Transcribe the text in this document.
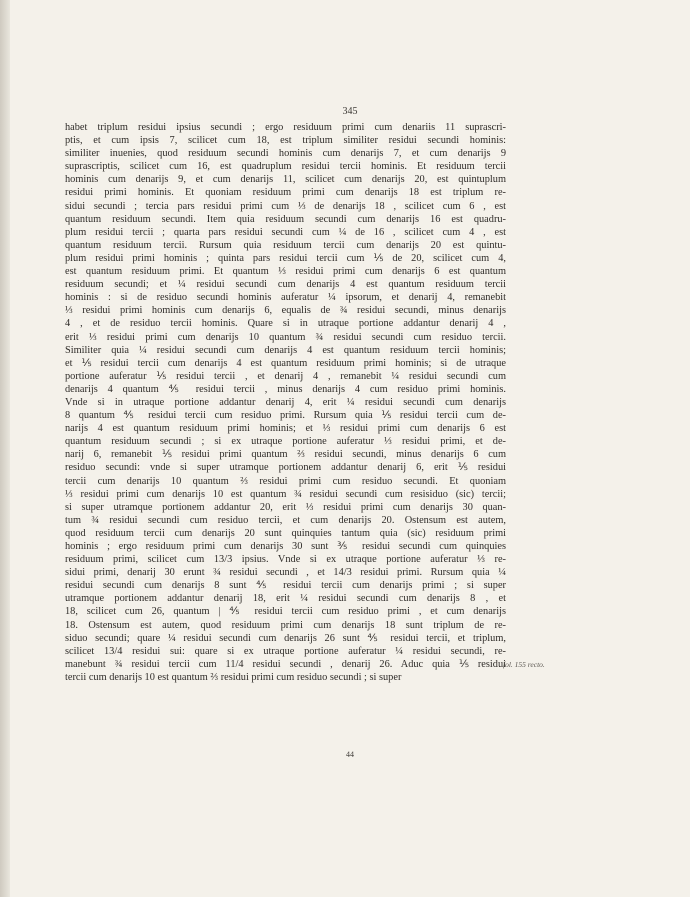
345
habet triplum residui ipsius secundi ; ergo residuum primi cum denariis 11 suprascri-
ptis, et cum ipsis 7, scilicet cum 18, est triplum similiter residui secundi hominis:
similiter inuenies, quod residuum secundi hominis cum denarijs 7, et cum denarijs 9
suprascriptis, scilicet cum 16, est quadruplum residui tercii hominis. Et residuum tercii
hominis cum denarijs 9, et cum denarijs 11, scilicet cum denarijs 20, est quintuplum
residui primi hominis. Et quoniam residuum primi cum denarijs 18 est triplum re-
sidui secundi ; tercia pars residui primi cum ⅓ de denarijs 18 , scilicet cum 6 , est
quantum residuum secundi. Item quia residuum secundi cum denarijs 16 est quadru-
plum residui tercii ; quarta pars residui secundi cum ¼ de 16 , scilicet cum 4 , est
quantum residuum tercii. Rursum quia residuum tercii cum denarijs 20 est quintu-
plum residui primi hominis ; quinta pars residui tercii cum ⅕ de 20, scilicet cum 4,
est quantum residuum primi. Et quantum ⅓ residui primi cum denarijs 6 est quantum
residuum secundi; et ¼ residui secundi cum denarijs 4 est quantum residuum tercii
hominis : si de residuo secundi hominis auferatur ¼ ipsorum, et denarij 4, remanebit
⅓ residui primi hominis cum denarijs 6, equalis de ¾ residui secundi, minus denarijs
4 , et de residuo tercii hominis. Quare si in utraque portione addantur denarij 4 ,
erit ⅓ residui primi cum denarijs 10 quantum ¾ residui secundi cum residuo tercii.
Similiter quia ¼ residui secundi cum denarijs 4 est quantum residuum tercii hominis;
et ⅕ residui tercii cum denarijs 4 est quantum residuum primi hominis; si de utraque
portione auferatur ⅕ residui tercii , et denarij 4 , remanebit ¼ residui secundi cum
denarijs 4 quantum ⅘ residui tercii , minus denarijs 4 cum residuo primi hominis.
Vnde si in utraque portione addantur denarij 4, erit ¼ residui secundi cum denarijs
8 quantum ⅘ residui tercii cum residuo primi. Rursum quia ⅕ residui tercii cum de-
narijs 4 est quantum residuum primi hominis; et ⅓ residui primi cum denarijs 6 est
quantum residuum secundi ; si ex utraque portione auferatur ⅓ residui primi, et de-
narij 6, remanebit ⅕ residui primi quantum ⅔ residui secundi, minus denarijs 6 cum
residuo secundi: vnde si super utramque portionem addantur denarij 6, erit ⅕ residui
tercii cum denarijs 10 quantum ⅔ residui primi cum residuo secundi. Et quoniam
⅓ residui primi cum denarijs 10 est quantum ¾ residui secundi cum resisiduo (sic) tercii;
si super utramque portionem addantur 20, erit ⅓ residui primi cum denarijs 30 quan-
tum ¾ residui secundi cum residuo tercii, et cum denarijs 20. Ostensum est autem,
quod residuum tercii cum denarijs 20 sunt quinquies tantum quia (sic) residuum primi
hominis ; ergo residuum primi cum denarijs 30 sunt ⅗ residui secundi cum quinquies
residuum primi, scilicet cum 13/3 ipsius. Vnde si ex utraque portione auferatur ⅓ re-
sidui primi, denarij 30 erunt ¾ residui secundi , et 14/3 residui primi. Rursum quia ¼
residui secundi cum denarijs 8 sunt ⅘ residui tercii cum denarijs primi ; si super
utramque portionem addantur denarij 18, erit ¼ residui secundi cum denarijs 8 , et
18, scilicet cum 26, quantum | ⅘ residui tercii cum residuo primi , et cum denarijs
18. Ostensum est autem, quod residuum primi cum denarijs 18 sunt triplum de re-
siduo secundi; quare ¼ residui secundi cum denarijs 26 sunt ⅘ residui tercii, et triplum,
scilicet 13/4 residui sui: quare si ex utraque portione auferatur ¼ residui secundi, re-
manebunt ¾ residui tercii cum 11/4 residui secundi , denarij 26. Aduc quia ⅕ residui
tercii cum denarijs 10 est quantum ⅔ residui primi cum residuo secundi ; si super
fol. 155 recto.
44
